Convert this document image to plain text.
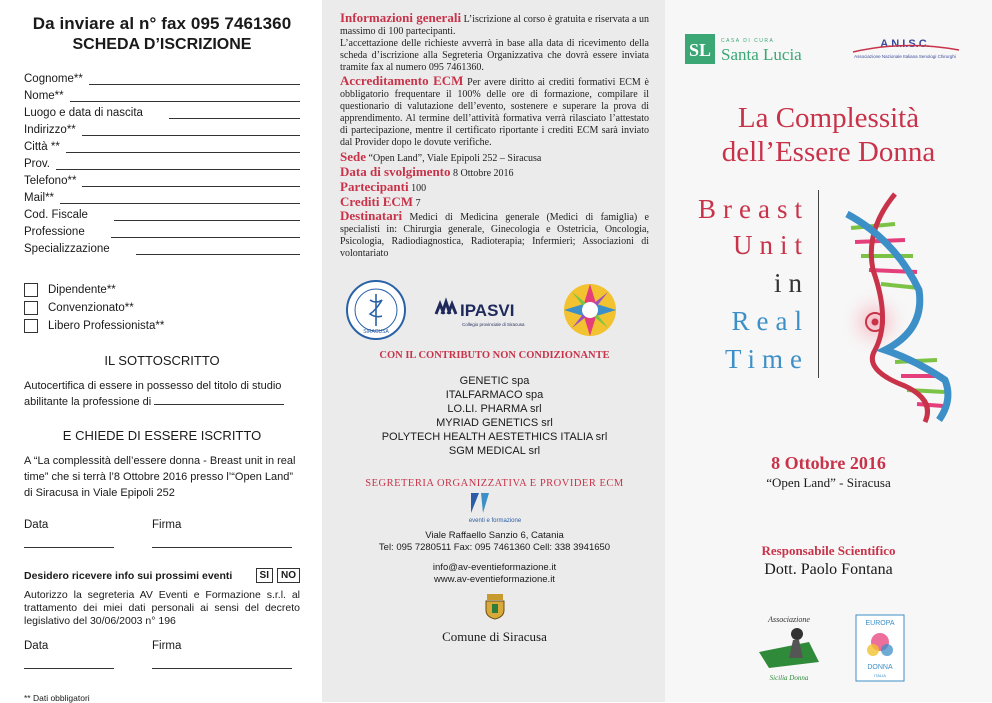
Da inviare al n° fax 095 7461360

SCHEDA D’ISCRIZIONE

Cognome**
Nome**
Luogo e data di nascita
Indirizzo**
Città **
Prov.
Telefono**
Mail**
Cod. Fiscale
Professione
Specializzazione
Dipendente**
Convenzionato**
Libero Professionista**
IL SOTTOSCRITTO
Autocertifica di essere in possesso del titolo di studio
abilitante la professione di
E CHIEDE DI ESSERE ISCRITTO
A “La complessità dell’essere donna - Breast unit in real time” che si terrà l’8 Ottobre 2016 presso l’“Open Land” di Siracusa in Viale Epipoli 252
Data	Firma
Desidero ricevere info sui prossimi eventi	SI	NO
Autorizzo la segreteria AV Eventi e Formazione s.r.l. al trattamento dei miei dati personali ai sensi del decreto legislativo del 30/06/2003 n° 196
Data	Firma
** Dati obbligatori
Informazioni generali L’iscrizione al corso è gratuita e riservata a un massimo di 100 partecipanti.
L’accettazione delle richieste avverrà in base alla data di ricevimento della scheda d’iscrizione alla Segreteria Organizzativa che dovrà essere inviata tramite fax al numero 095 7461360.
Accreditamento ECM Per avere diritto ai crediti formativi ECM è obbligatorio frequentare il 100% delle ore di formazione, compilare il questionario di valutazione dell’evento, sostenere e superare la prova di apprendimento. Al termine dell’attività formativa verrà rilasciato l’attestato di partecipazione, mentre il certificato riportante i crediti ECM sarà inviato dal Provider dopo le dovute verifiche.
Sede “Open Land”, Viale Epipoli 252 – Siracusa
Data di svolgimento 8 Ottobre 2016
Partecipanti 100
Crediti ECM 7
Destinatari Medici di Medicina generale (Medici di famiglia) e specialisti in: Chirurgia generale, Ginecologia e Ostetricia, Oncologia, Psicologia, Radiodiagnostica, Radioterapia; Infermieri; Associazioni di volontariato
SIRACUSA
IPASVI
Collegio provinciale di Siracusa
CON IL CONTRIBUTO NON CONDIZIONANTE
GENETIC spa
ITALFARMACO spa
LO.LI. PHARMA srl
MYRIAD GENETICS srl
POLYTECH HEALTH AESTETHICS ITALIA srl
SGM MEDICAL srl
SEGRETERIA ORGANIZZATIVA E PROVIDER ECM
eventi e formazione
Viale Raffaello Sanzio 6, Catania
Tel: 095 7280511 Fax: 095 7461360 Cell: 338 3941650
info@av-eventieformazione.it
www.av-eventieformazione.it
Comune di Siracusa
SL CASA DI CURA
Santa Lucia
A.N.I.S.C.
Associazione Nazionale Italiana Senologi Chirurghi
La Complessità
dell’Essere Donna
Breast
Unit
in
Real
Time
8 Ottobre 2016
“Open Land” - Siracusa
Responsabile Scientifico
Dott. Paolo Fontana
Associazione
Sicilia Donna
EUROPA
DONNA
ITALIA
